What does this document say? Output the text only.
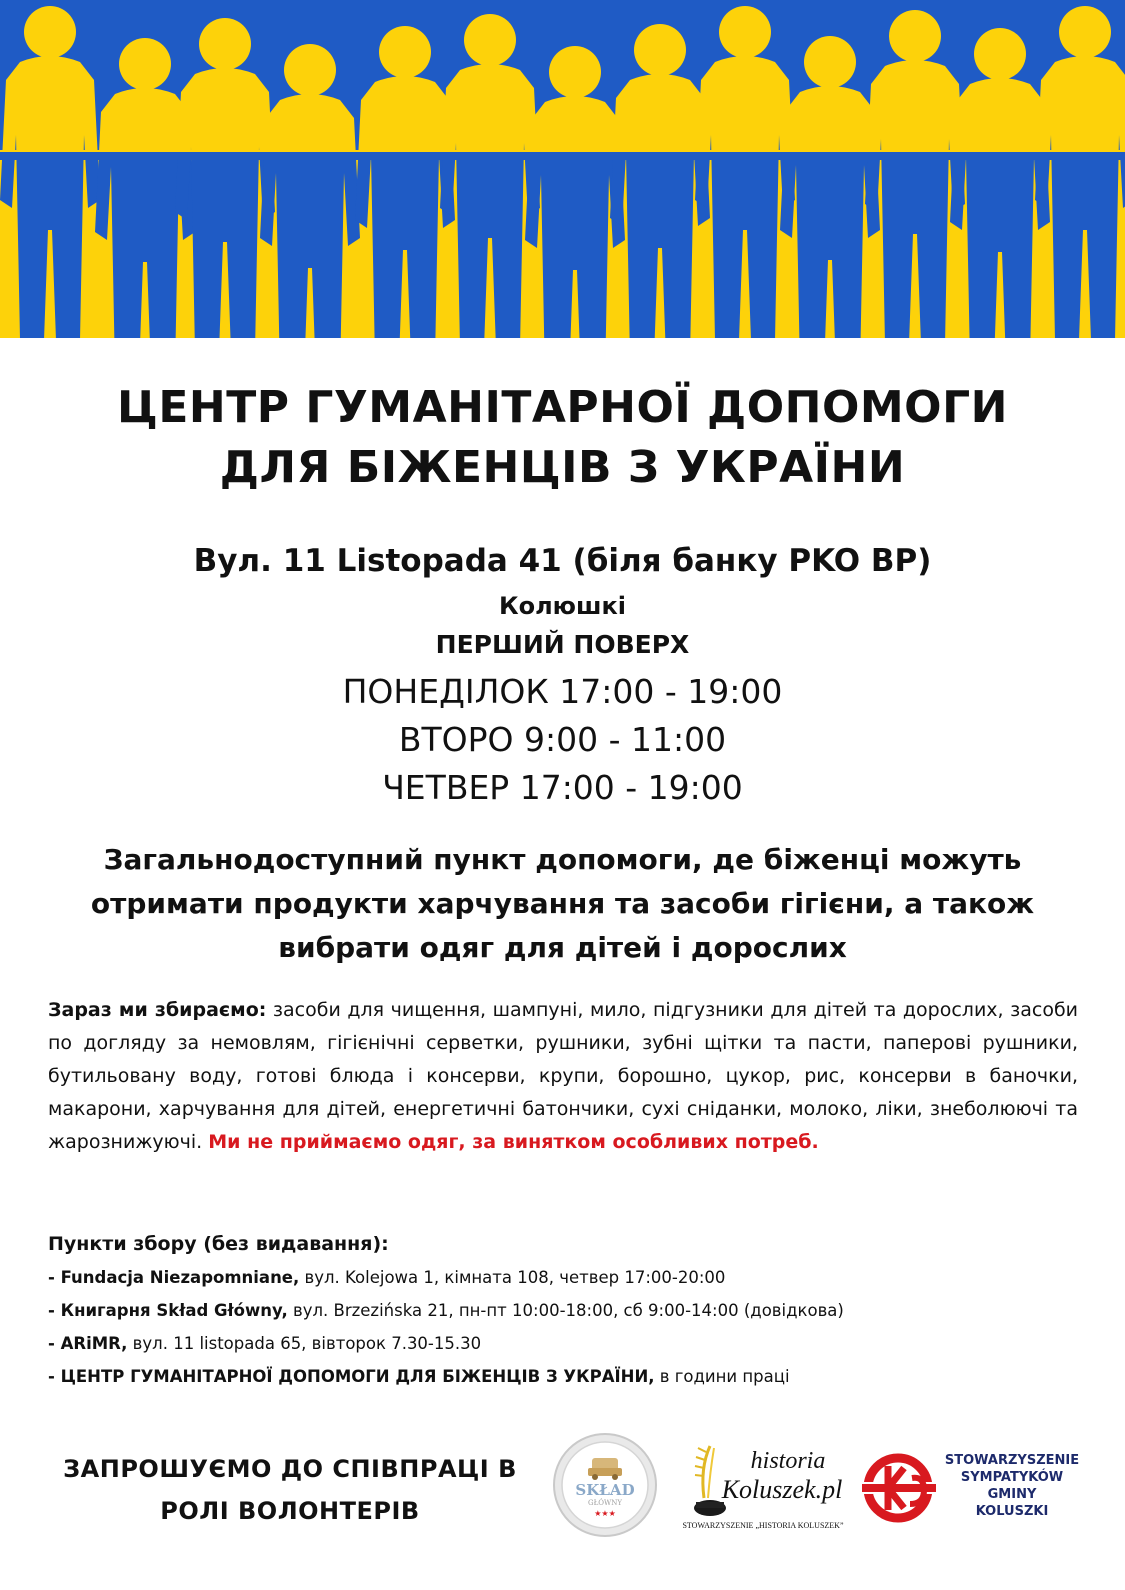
ЦЕНТР ГУМАНІТАРНОЇ ДОПОМОГИ
ДЛЯ БІЖЕНЦІВ З УКРАЇНИ
Вул. 11 Listopada 41 (біля банку PKO BP)
Колюшкі
ПЕРШИЙ ПОВЕРХ
ПОНЕДІЛОК 17:00 - 19:00
ВТОРО 9:00 - 11:00
ЧЕТВЕР 17:00 - 19:00
Загальнодоступний пункт допомоги, де біженці можуть
отримати продукти харчування та засоби гігієни, а також
вибрати одяг для дітей і дорослих
Зараз ми збираємо: засоби для чищення, шампуні, мило, підгузники для дітей та дорослих, засоби по догляду за немовлям, гігієнічні серветки, рушники, зубні щітки та пасти, паперові рушники, бутильовану воду, готові блюда і консерви, крупи, борошно, цукор, рис, консерви в баночки, макарони, харчування для дітей, енергетичні батончики, сухі сніданки, молоко, ліки, знеболюючі та жарознижуючі. Ми не приймаємо одяг, за винятком особливих потреб.
Пункти збору (без видавання):
- Fundacja Niezapomniane, вул. Kolejowa 1, кімната 108, четвер 17:00-20:00
- Книгарня Skład Główny, вул. Brzezińska 21, пн-пт 10:00-18:00, сб 9:00-14:00 (довідкова)
- ARiMR, вул. 11 listopada 65, вівторок 7.30-15.30
- ЦЕНТР ГУМАНІТАРНОЇ ДОПОМОГИ ДЛЯ БІЖЕНЦІВ З УКРАЇНИ, в години праці
ЗАПРОШУЄМО ДО СПІВПРАЦІ В
РОЛІ ВОЛОНТЕРІВ
SKŁAD
GŁÓWNY
★★★
historia
Koluszek.pl
STOWARZYSZENIE „HISTORIA KOLUSZEK”
STOWARZYSZENIE
SYMPATYKÓW
GMINY
KOLUSZKI
